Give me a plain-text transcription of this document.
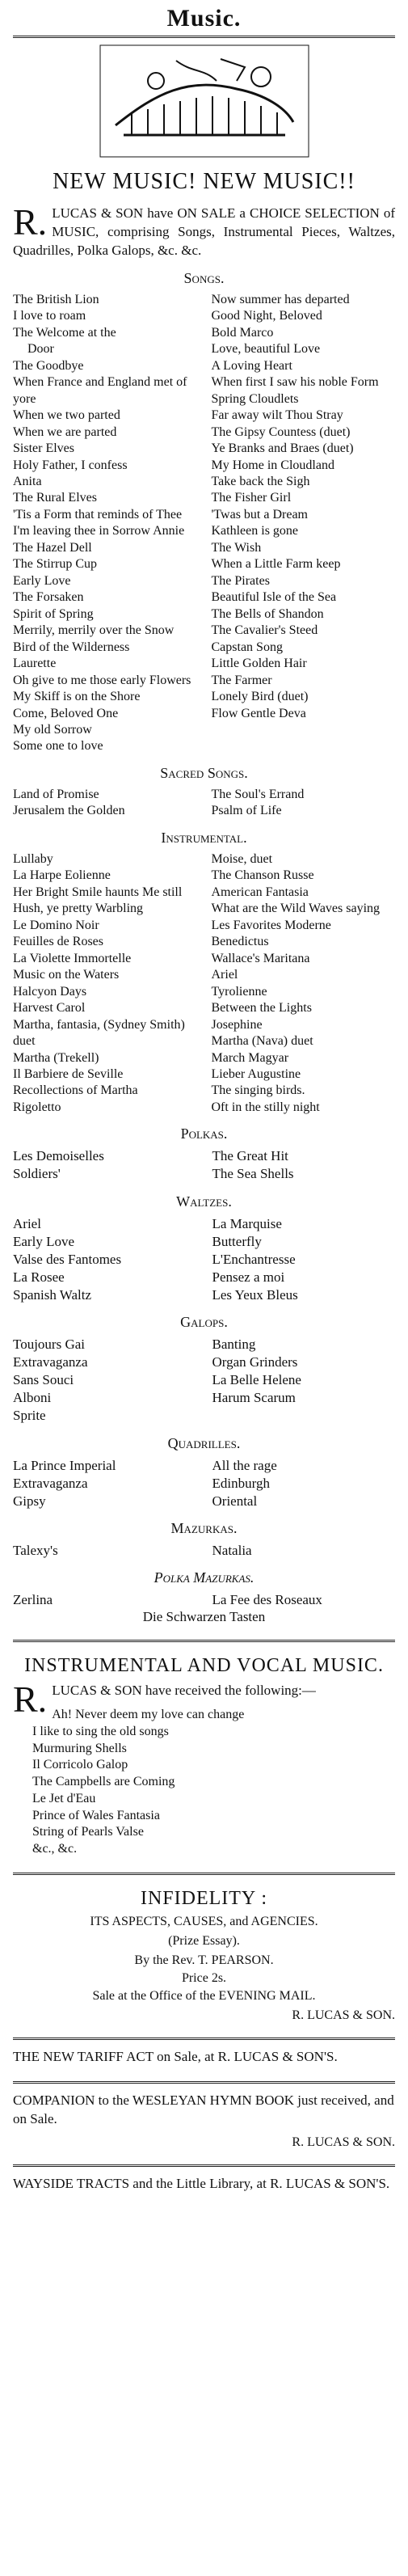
Music.
NEW MUSIC! NEW MUSIC!!

R. LUCAS & SON have ON SALE a CHOICE SELECTION of MUSIC, comprising Songs, Instrumental Pieces, Waltzes, Quadrilles, Polka Galops, &c. &c.

Songs.
The British Lion
I love to roam
The Welcome at the
Door
The Goodbye
When France and England met of yore
When we two parted
When we are parted
Sister Elves
Holy Father, I confess
Anita
The Rural Elves
'Tis a Form that reminds of Thee
I'm leaving thee in Sorrow Annie
The Hazel Dell
The Stirrup Cup
Early Love
The Forsaken
Spirit of Spring
Merrily, merrily over the Snow
Bird of the Wilderness
Laurette
Oh give to me those early Flowers
My Skiff is on the Shore
Come, Beloved One
My old Sorrow
Some one to love
Now summer has departed
Good Night, Beloved
Bold Marco
Love, beautiful Love
A Loving Heart
When first I saw his noble Form
Spring Cloudlets
Far away wilt Thou Stray
The Gipsy Countess (duet)
Ye Branks and Braes (duet)
My Home in Cloudland
Take back the Sigh
The Fisher Girl
'Twas but a Dream
Kathleen is gone
The Wish
When a Little Farm keep
The Pirates
Beautiful Isle of the Sea
The Bells of Shandon
The Cavalier's Steed
Capstan Song
Little Golden Hair
The Farmer
Lonely Bird (duet)
Flow Gentle Deva
Sacred Songs.
Land of Promise
Jerusalem the Golden
The Soul's Errand
Psalm of Life
Instrumental.
Lullaby
La Harpe Eolienne
Her Bright Smile haunts Me still
Hush, ye pretty Warbling
Le Domino Noir
Feuilles de Roses
La Violette Immortelle
Music on the Waters
Halcyon Days
Harvest Carol
Martha, fantasia, (Sydney Smith) duet
Martha (Trekell)
Il Barbiere de Seville
Recollections of Martha
Rigoletto
Moise, duet
The Chanson Russe
American Fantasia
What are the Wild Waves saying
Les Favorites Moderne
Benedictus
Wallace's Maritana
Ariel
Tyrolienne
Between the Lights
Josephine
Martha (Nava) duet
March Magyar
Lieber Augustine
The singing birds.
Oft in the stilly night
Polkas.
Les Demoiselles
Soldiers'
The Great Hit
The Sea Shells
Waltzes.
Ariel
Early Love
Valse des Fantomes
La Rosee
Spanish Waltz
La Marquise
Butterfly
L'Enchantresse
Pensez a moi
Les Yeux Bleus
Galops.
Toujours Gai
Extravaganza
Sans Souci
Alboni
Sprite
Banting
Organ Grinders
La Belle Helene
Harum Scarum
Quadrilles.
La Prince Imperial
Extravaganza
Gipsy
All the rage
Edinburgh
Oriental
Mazurkas.
Talexy's	Natalia
Polka Mazurkas.
Zerlina	La Fee des Roseaux
Die Schwarzen Tasten
INSTRUMENTAL AND VOCAL MUSIC.

R. LUCAS & SON have received the following:—

Ah! Never deem my love can change
I like to sing the old songs
Murmuring Shells
Il Corricolo Galop
The Campbells are Coming
Le Jet d'Eau
Prince of Wales Fantasia
String of Pearls Valse
&c., &c.
INFIDELITY :
ITS ASPECTS, CAUSES, and AGENCIES.
(Prize Essay).
By the Rev. T. PEARSON.
Price 2s.
Sale at the Office of the EVENING MAIL.
R. LUCAS & SON.
THE NEW TARIFF ACT on Sale, at R. LUCAS & SON'S.
COMPANION to the WESLEYAN HYMN BOOK just received, and on Sale.
R. LUCAS & SON.
WAYSIDE TRACTS and the Little Library, at R. LUCAS & SON'S.
